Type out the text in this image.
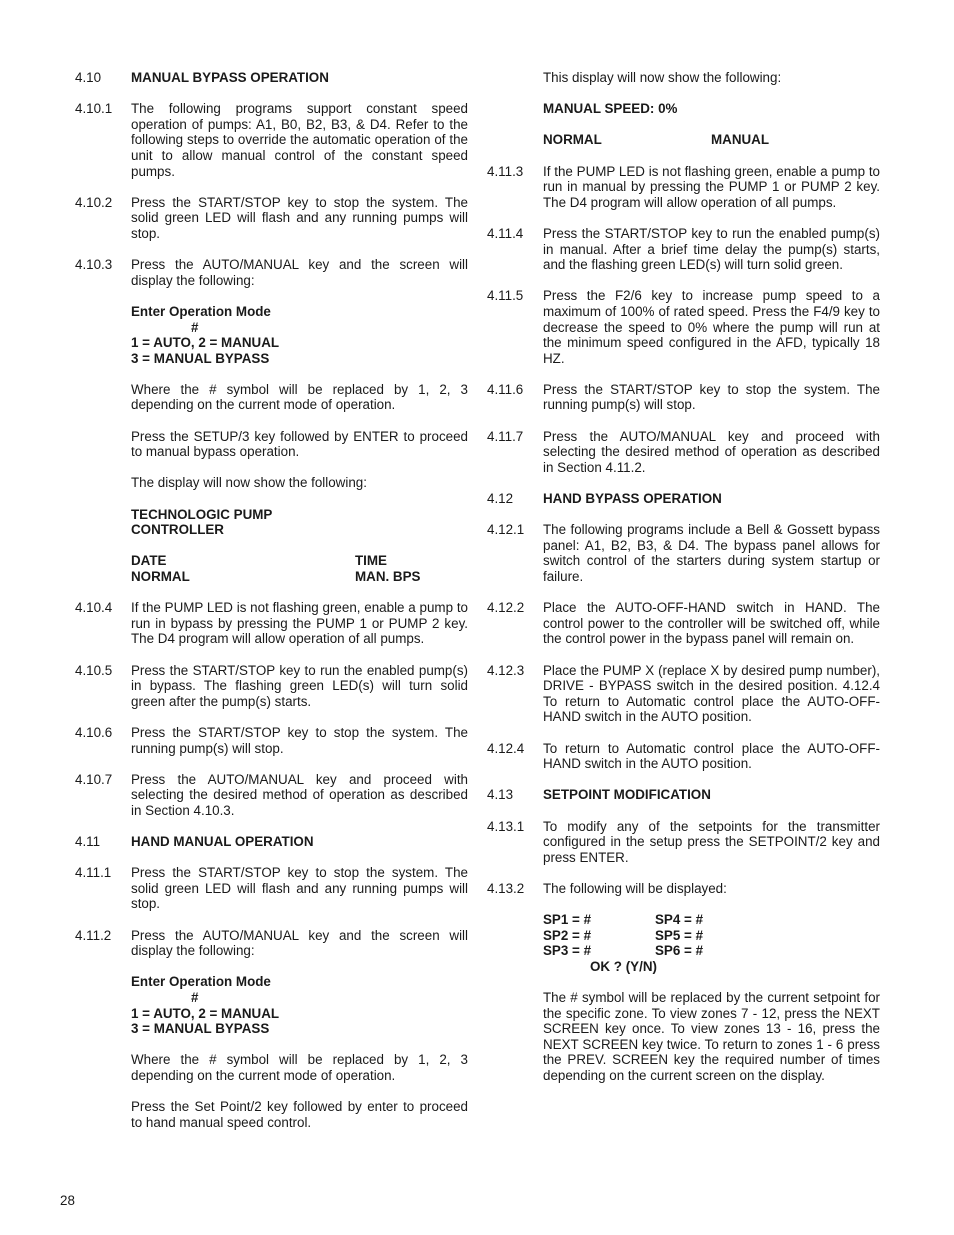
4.10 MANUAL BYPASS OPERATION
4.10.1 The following programs support constant speed operation of pumps: A1, B0, B2, B3, & D4. Refer to the following steps to override the automatic operation of the unit to allow manual control of the constant speed pumps.
4.10.2 Press the START/STOP key to stop the system. The solid green LED will flash and any running pumps will stop.
4.10.3 Press the AUTO/MANUAL key and the screen will display the following:
Enter Operation Mode
#
1 = AUTO, 2 = MANUAL
3 = MANUAL BYPASS
Where the # symbol will be replaced by 1, 2, 3 depending on the current mode of operation.
Press the SETUP/3 key followed by ENTER to proceed to manual bypass operation.
The display will now show the following:
TECHNOLOGIC PUMP
CONTROLLER
DATE	TIME
NORMAL	MAN. BPS
4.10.4 If the PUMP LED is not flashing green, enable a pump to run in bypass by pressing the PUMP 1 or PUMP 2 key. The D4 program will allow operation of all pumps.
4.10.5 Press the START/STOP key to run the enabled pump(s) in bypass. The flashing green LED(s) will turn solid green after the pump(s) starts.
4.10.6 Press the START/STOP key to stop the system. The running pump(s) will stop.
4.10.7 Press the AUTO/MANUAL key and proceed with selecting the desired method of operation as described in Section 4.10.3.
4.11 HAND MANUAL OPERATION
4.11.1 Press the START/STOP key to stop the system. The solid green LED will flash and any running pumps will stop.
4.11.2 Press the AUTO/MANUAL key and the screen will display the following:
Enter Operation Mode
#
1 = AUTO, 2 = MANUAL
3 = MANUAL BYPASS
Where the # symbol will be replaced by 1, 2, 3 depending on the current mode of operation.
Press the Set Point/2 key followed by enter to proceed to hand manual speed control.
This display will now show the following:
MANUAL SPEED: 0%
NORMAL	MANUAL
4.11.3 If the PUMP LED is not flashing green, enable a pump to run in manual by pressing the PUMP 1 or PUMP 2 key. The D4 program will allow operation of all pumps.
4.11.4 Press the START/STOP key to run the enabled pump(s) in manual. After a brief time delay the pump(s) starts, and the flashing green LED(s) will turn solid green.
4.11.5 Press the F2/6 key to increase pump speed to a maximum of 100% of rated speed. Press the F4/9 key to decrease the speed to 0% where the pump will run at the minimum speed configured in the AFD, typically 18 HZ.
4.11.6 Press the START/STOP key to stop the system. The running pump(s) will stop.
4.11.7 Press the AUTO/MANUAL key and proceed with selecting the desired method of operation as described in Section 4.11.2.
4.12 HAND BYPASS OPERATION
4.12.1 The following programs include a Bell & Gossett bypass panel: A1, B2, B3, & D4. The bypass panel allows for switch control of the starters during system startup or failure.
4.12.2 Place the AUTO-OFF-HAND switch in HAND. The control power to the controller will be switched off, while the control power in the bypass panel will remain on.
4.12.3 Place the PUMP X (replace X by desired pump number), DRIVE - BYPASS switch in the desired position. 4.12.4 To return to Automatic control place the AUTO-OFF-HAND switch in the AUTO position.
4.12.4 To return to Automatic control place the AUTO-OFF-HAND switch in the AUTO position.
4.13 SETPOINT MODIFICATION
4.13.1 To modify any of the setpoints for the transmitter configured in the setup press the SETPOINT/2 key and press ENTER.
4.13.2 The following will be displayed:
SP1 = #	SP4 = #
SP2 = #	SP5 = #
SP3 = #	SP6 = #
OK ? (Y/N)
The # symbol will be replaced by the current setpoint for the specific zone. To view zones 7 - 12, press the NEXT SCREEN key once. To view zones 13 - 16, press the NEXT SCREEN key twice. To return to zones 1 - 6 press the PREV. SCREEN key the required number of times depending on the current screen on the display.
28
